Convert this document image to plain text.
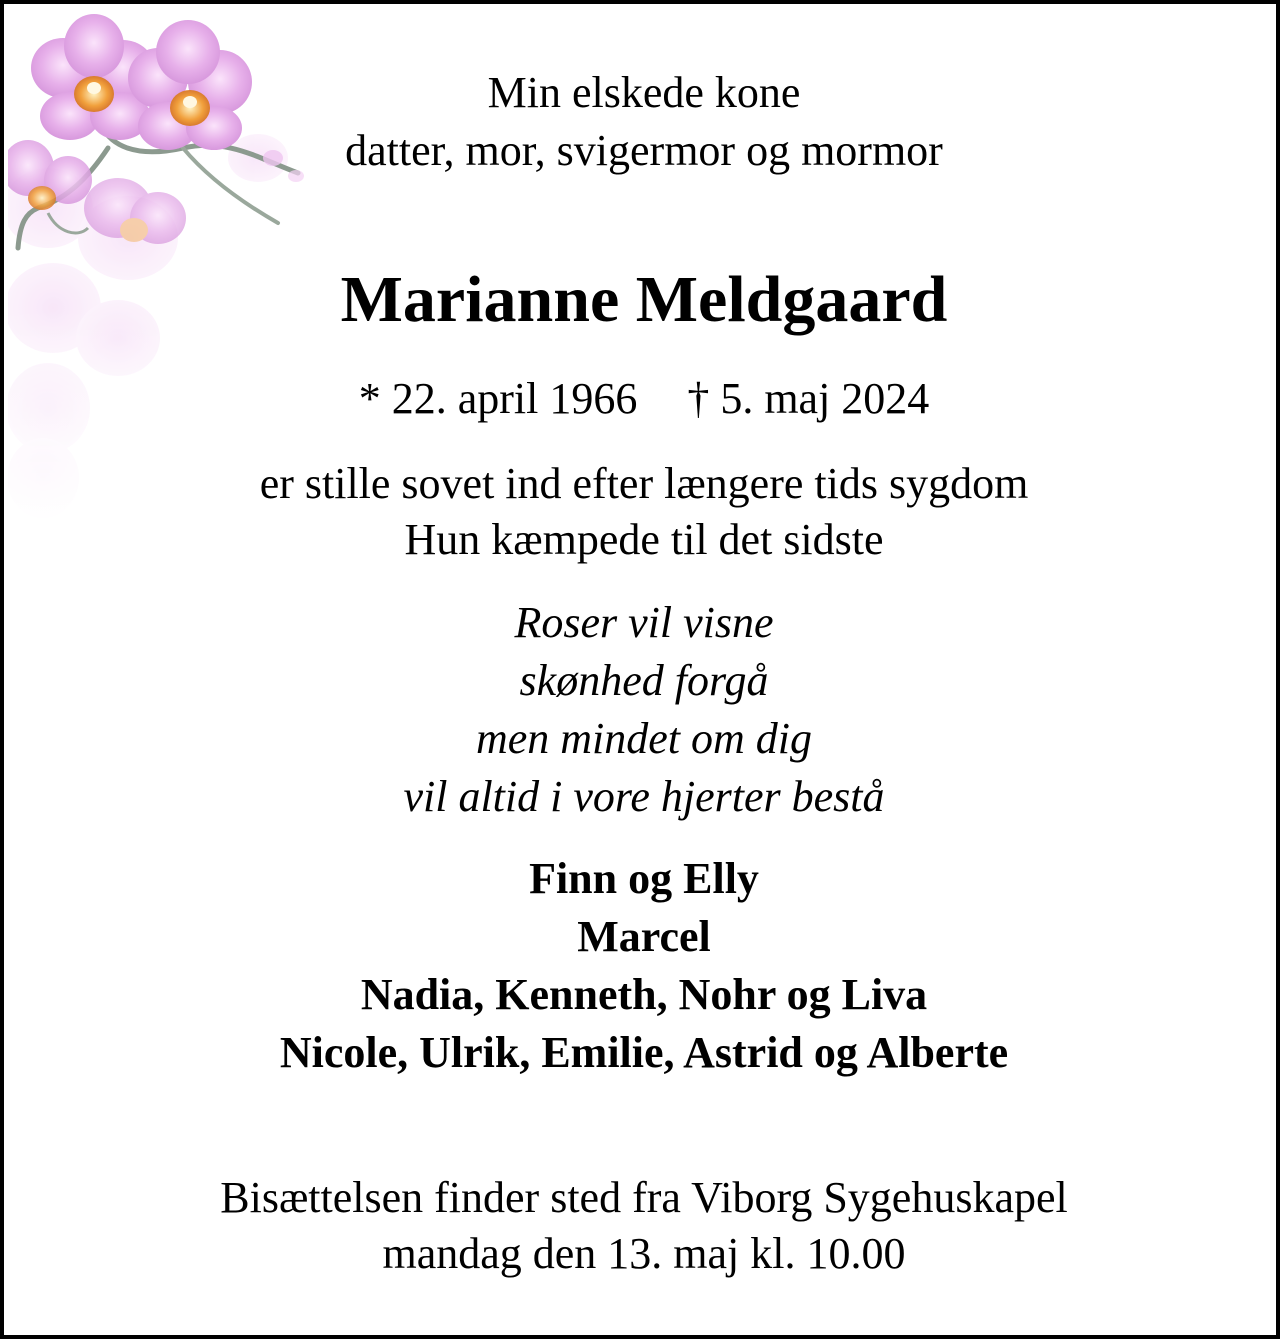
Min elskede kone
datter, mor, svigermor og mormor

Marianne Meldgaard

* 22. april 1966 † 5. maj 2024

er stille sovet ind efter længere tids sygdom
Hun kæmpede til det sidste

Roser vil visne
skønhed forgå
men mindet om dig
vil altid i vore hjerter bestå

Finn og Elly
Marcel
Nadia, Kenneth, Nohr og Liva
Nicole, Ulrik, Emilie, Astrid og Alberte

Bisættelsen finder sted fra Viborg Sygehuskapel
mandag den 13. maj kl. 10.00
